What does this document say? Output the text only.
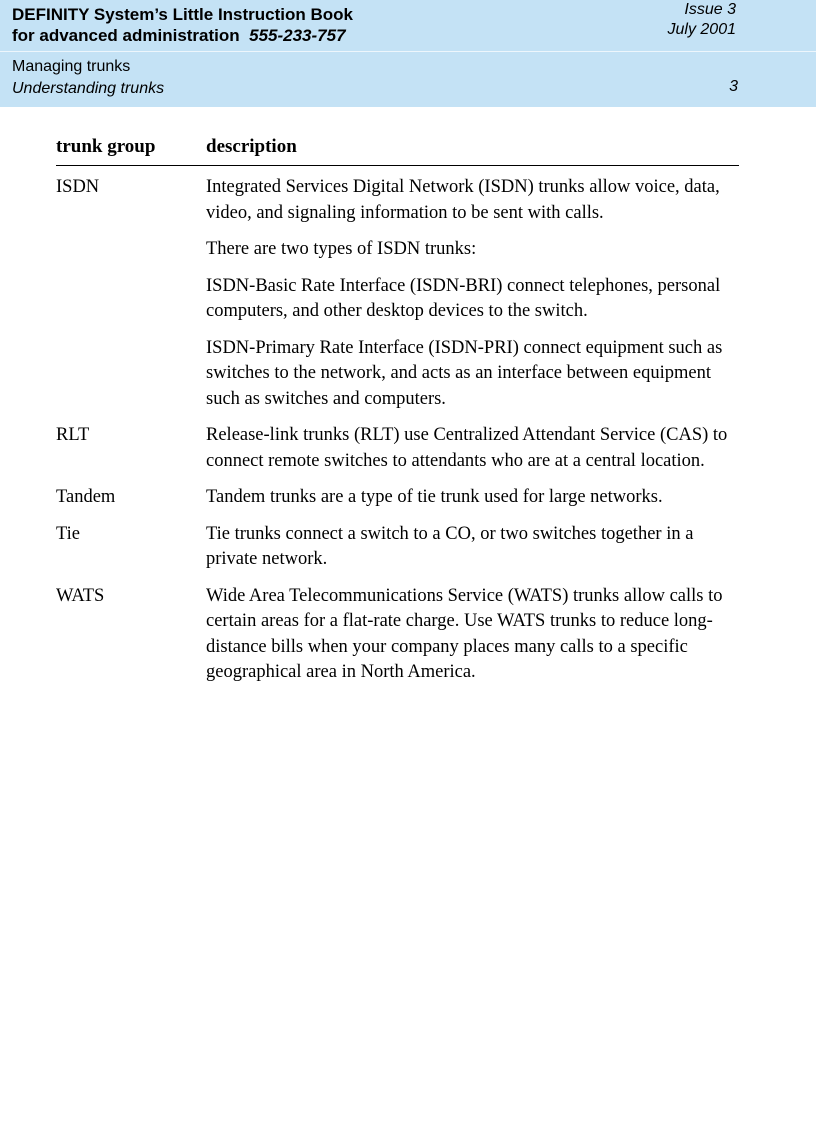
DEFINITY System’s Little Instruction Book
for advanced administration 555-233-757
Issue 3
July 2001
Managing trunks
Understanding trunks	3
trunk group	description
ISDN	Integrated Services Digital Network (ISDN) trunks allow voice, data, video, and signaling information to be sent with calls.

There are two types of ISDN trunks:

ISDN-Basic Rate Interface (ISDN-BRI) connect telephones, personal computers, and other desktop devices to the switch.

ISDN-Primary Rate Interface (ISDN-PRI) connect equipment such as switches to the network, and acts as an interface between equipment such as switches and computers.

RLT	Release-link trunks (RLT) use Centralized Attendant Service (CAS) to connect remote switches to attendants who are at a central location.

Tandem	Tandem trunks are a type of tie trunk used for large networks.

Tie	Tie trunks connect a switch to a CO, or two switches together in a private network.

WATS	Wide Area Telecommunications Service (WATS) trunks allow calls to certain areas for a flat-rate charge. Use WATS trunks to reduce long-distance bills when your company places many calls to a specific geographical area in North America.
